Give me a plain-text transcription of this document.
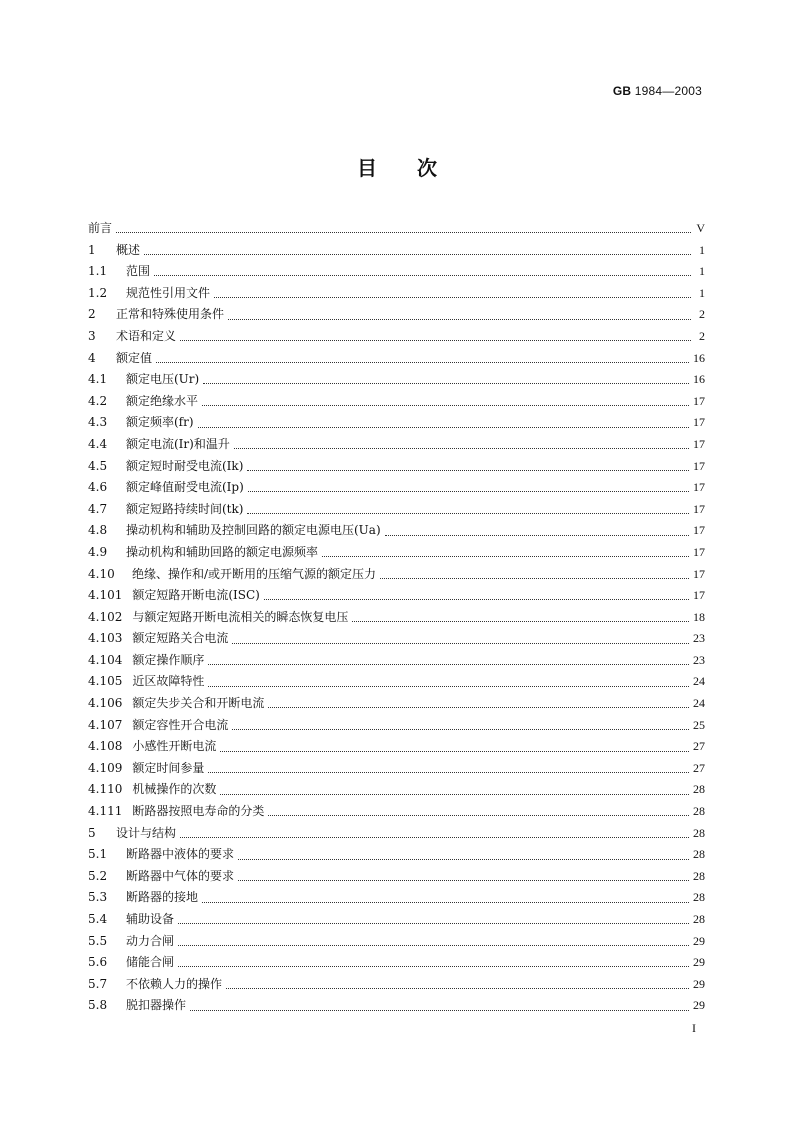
GB 1984—2003
目次
前言	V
1	概述	1
1.1	范围	1
1.2	规范性引用文件	1
2	正常和特殊使用条件	2
3	术语和定义	2
4	额定值	16
4.1	额定电压(Ur)	16
4.2	额定绝缘水平	17
4.3	额定频率(fr)	17
4.4	额定电流(Ir)和温升	17
4.5	额定短时耐受电流(Ik)	17
4.6	额定峰值耐受电流(Ip)	17
4.7	额定短路持续时间(tk)	17
4.8	操动机构和辅助及控制回路的额定电源电压(Ua)	17
4.9	操动机构和辅助回路的额定电源频率	17
4.10	绝缘、操作和/或开断用的压缩气源的额定压力	17
4.101 额定短路开断电流(ISC)	17
4.102 与额定短路开断电流相关的瞬态恢复电压	18
4.103 额定短路关合电流	23
4.104 额定操作顺序	23
4.105 近区故障特性	24
4.106 额定失步关合和开断电流	24
4.107 额定容性开合电流	25
4.108 小感性开断电流	27
4.109 额定时间参量	27
4.110 机械操作的次数	28
4.111 断路器按照电寿命的分类	28
5	设计与结构	28
5.1	断路器中液体的要求	28
5.2	断路器中气体的要求	28
5.3	断路器的接地	28
5.4	辅助设备	28
5.5	动力合闸	29
5.6	储能合闸	29
5.7	不依赖人力的操作	29
5.8	脱扣器操作	29
I
